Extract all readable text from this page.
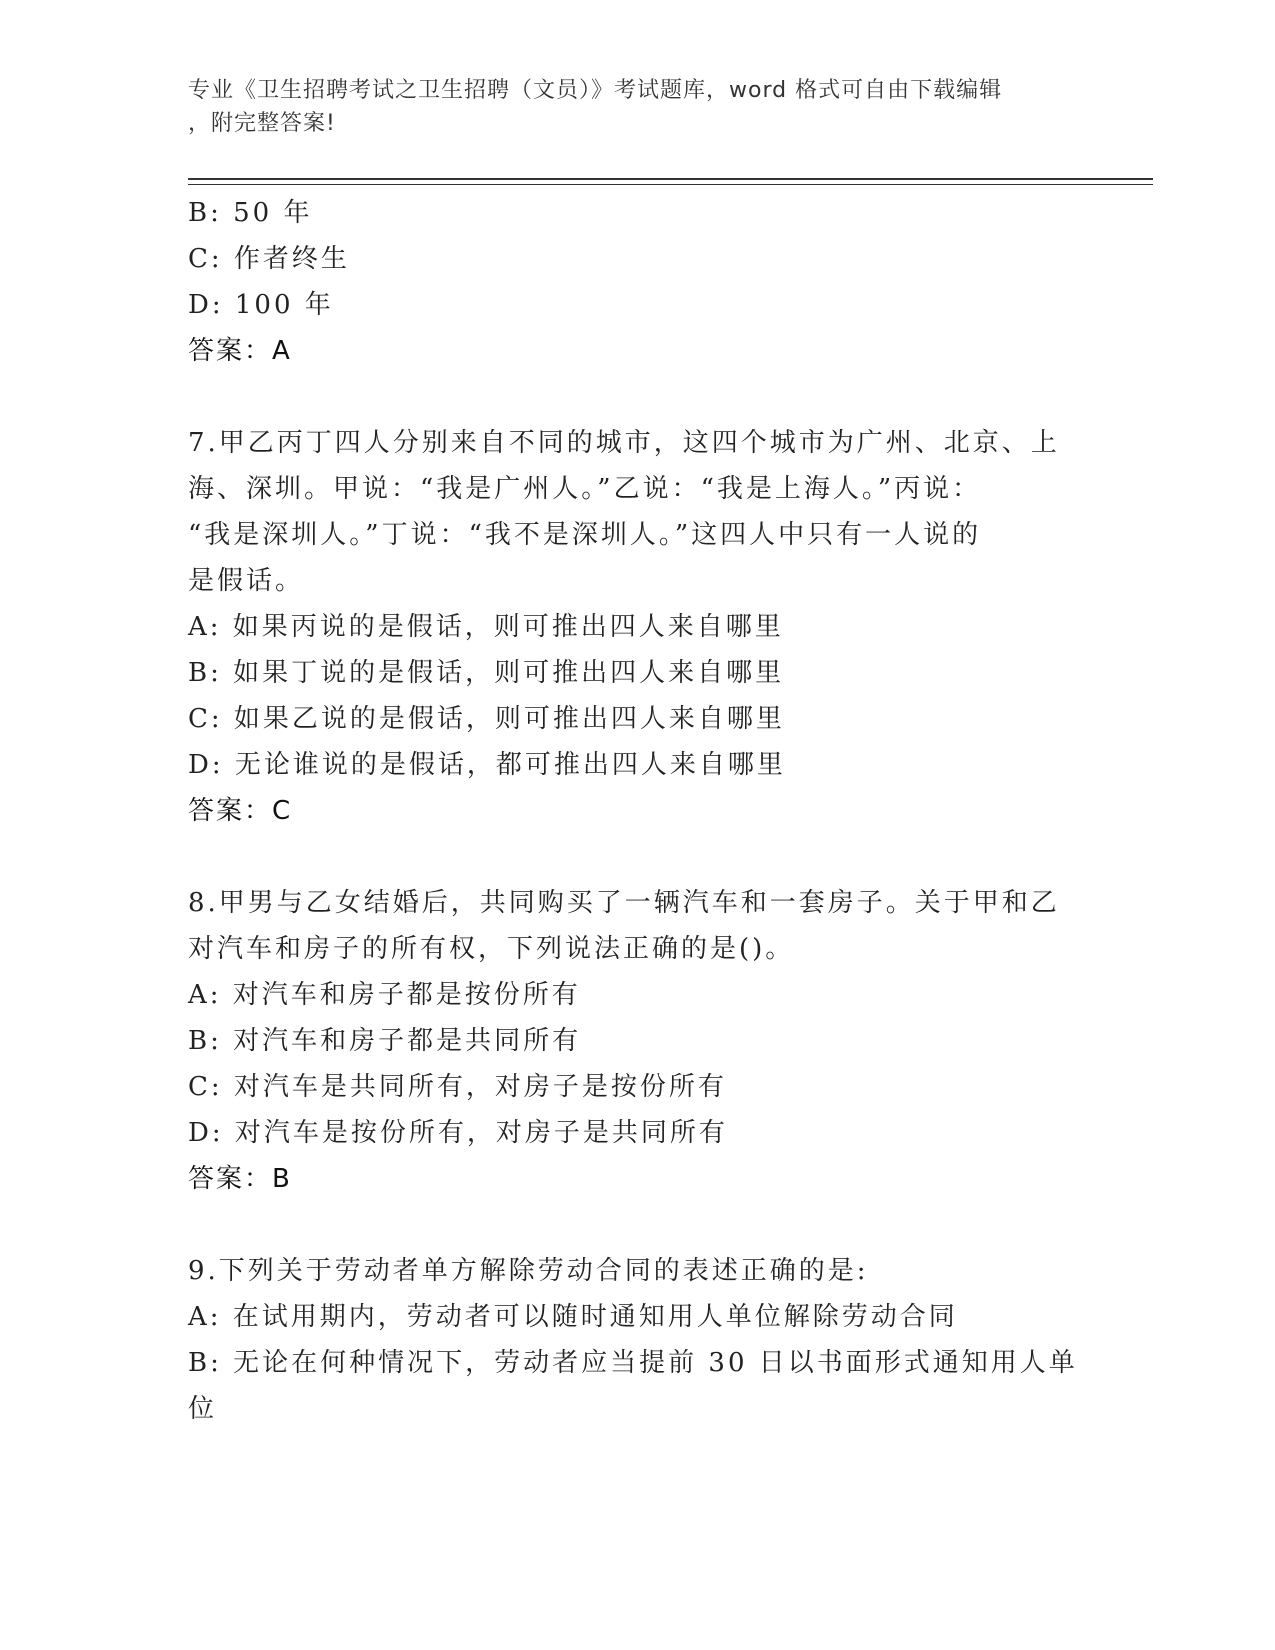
专业《卫生招聘考试之卫生招聘（文员）》考试题库，word 格式可自由下载编辑
，附完整答案!
B: 50 年
C: 作者终生
D: 100 年
答案：A
7.甲乙丙丁四人分别来自不同的城市，这四个城市为广州、北京、上
海、深圳。甲说：“我是广州人。”乙说：“我是上海人。”丙说：
“我是深圳人。”丁说：“我不是深圳人。”这四人中只有一人说的
是假话。
A: 如果丙说的是假话，则可推出四人来自哪里
B: 如果丁说的是假话，则可推出四人来自哪里
C: 如果乙说的是假话，则可推出四人来自哪里
D: 无论谁说的是假话，都可推出四人来自哪里
答案：C
8.甲男与乙女结婚后，共同购买了一辆汽车和一套房子。关于甲和乙
对汽车和房子的所有权，下列说法正确的是()。
A: 对汽车和房子都是按份所有
B: 对汽车和房子都是共同所有
C: 对汽车是共同所有，对房子是按份所有
D: 对汽车是按份所有，对房子是共同所有
答案：B
9.下列关于劳动者单方解除劳动合同的表述正确的是:
A: 在试用期内，劳动者可以随时通知用人单位解除劳动合同
B: 无论在何种情况下，劳动者应当提前 30 日以书面形式通知用人单
位
